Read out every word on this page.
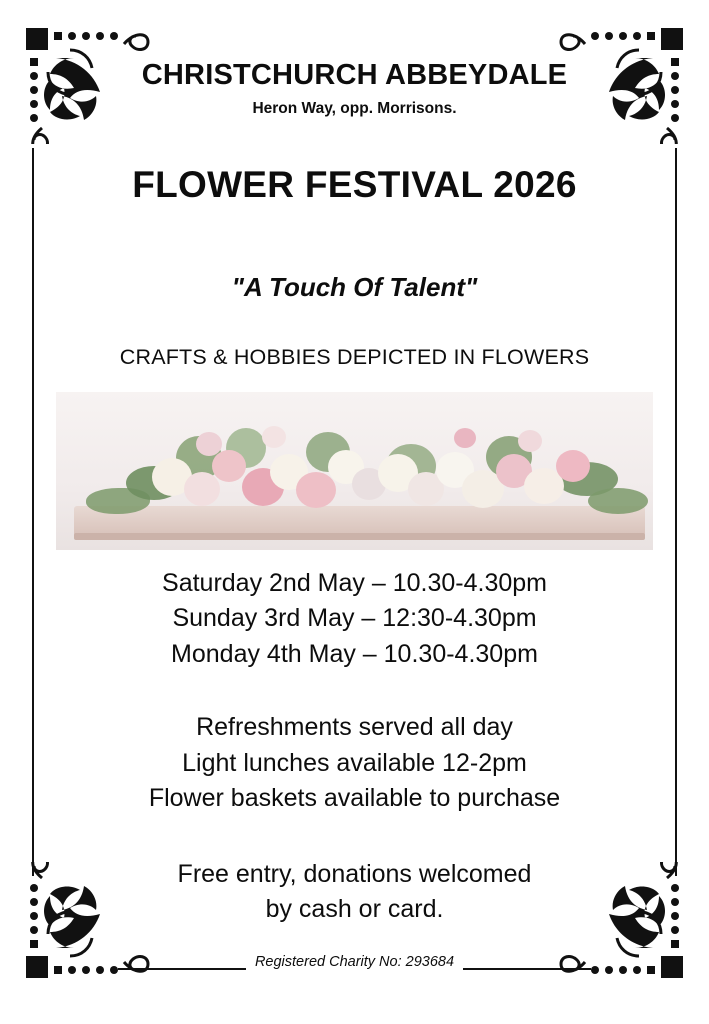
CHRISTCHURCH ABBEYDALE
Heron Way, opp. Morrisons.
FLOWER FESTIVAL 2026
"A Touch Of Talent"
CRAFTS & HOBBIES DEPICTED IN FLOWERS
Saturday 2nd May – 10.30-4.30pm
Sunday 3rd May – 12:30-4.30pm
Monday 4th May – 10.30-4.30pm
Refreshments served all day
Light lunches available 12-2pm
Flower baskets available to purchase
Free entry, donations welcomed
by cash or card.
Registered Charity No: 293684
